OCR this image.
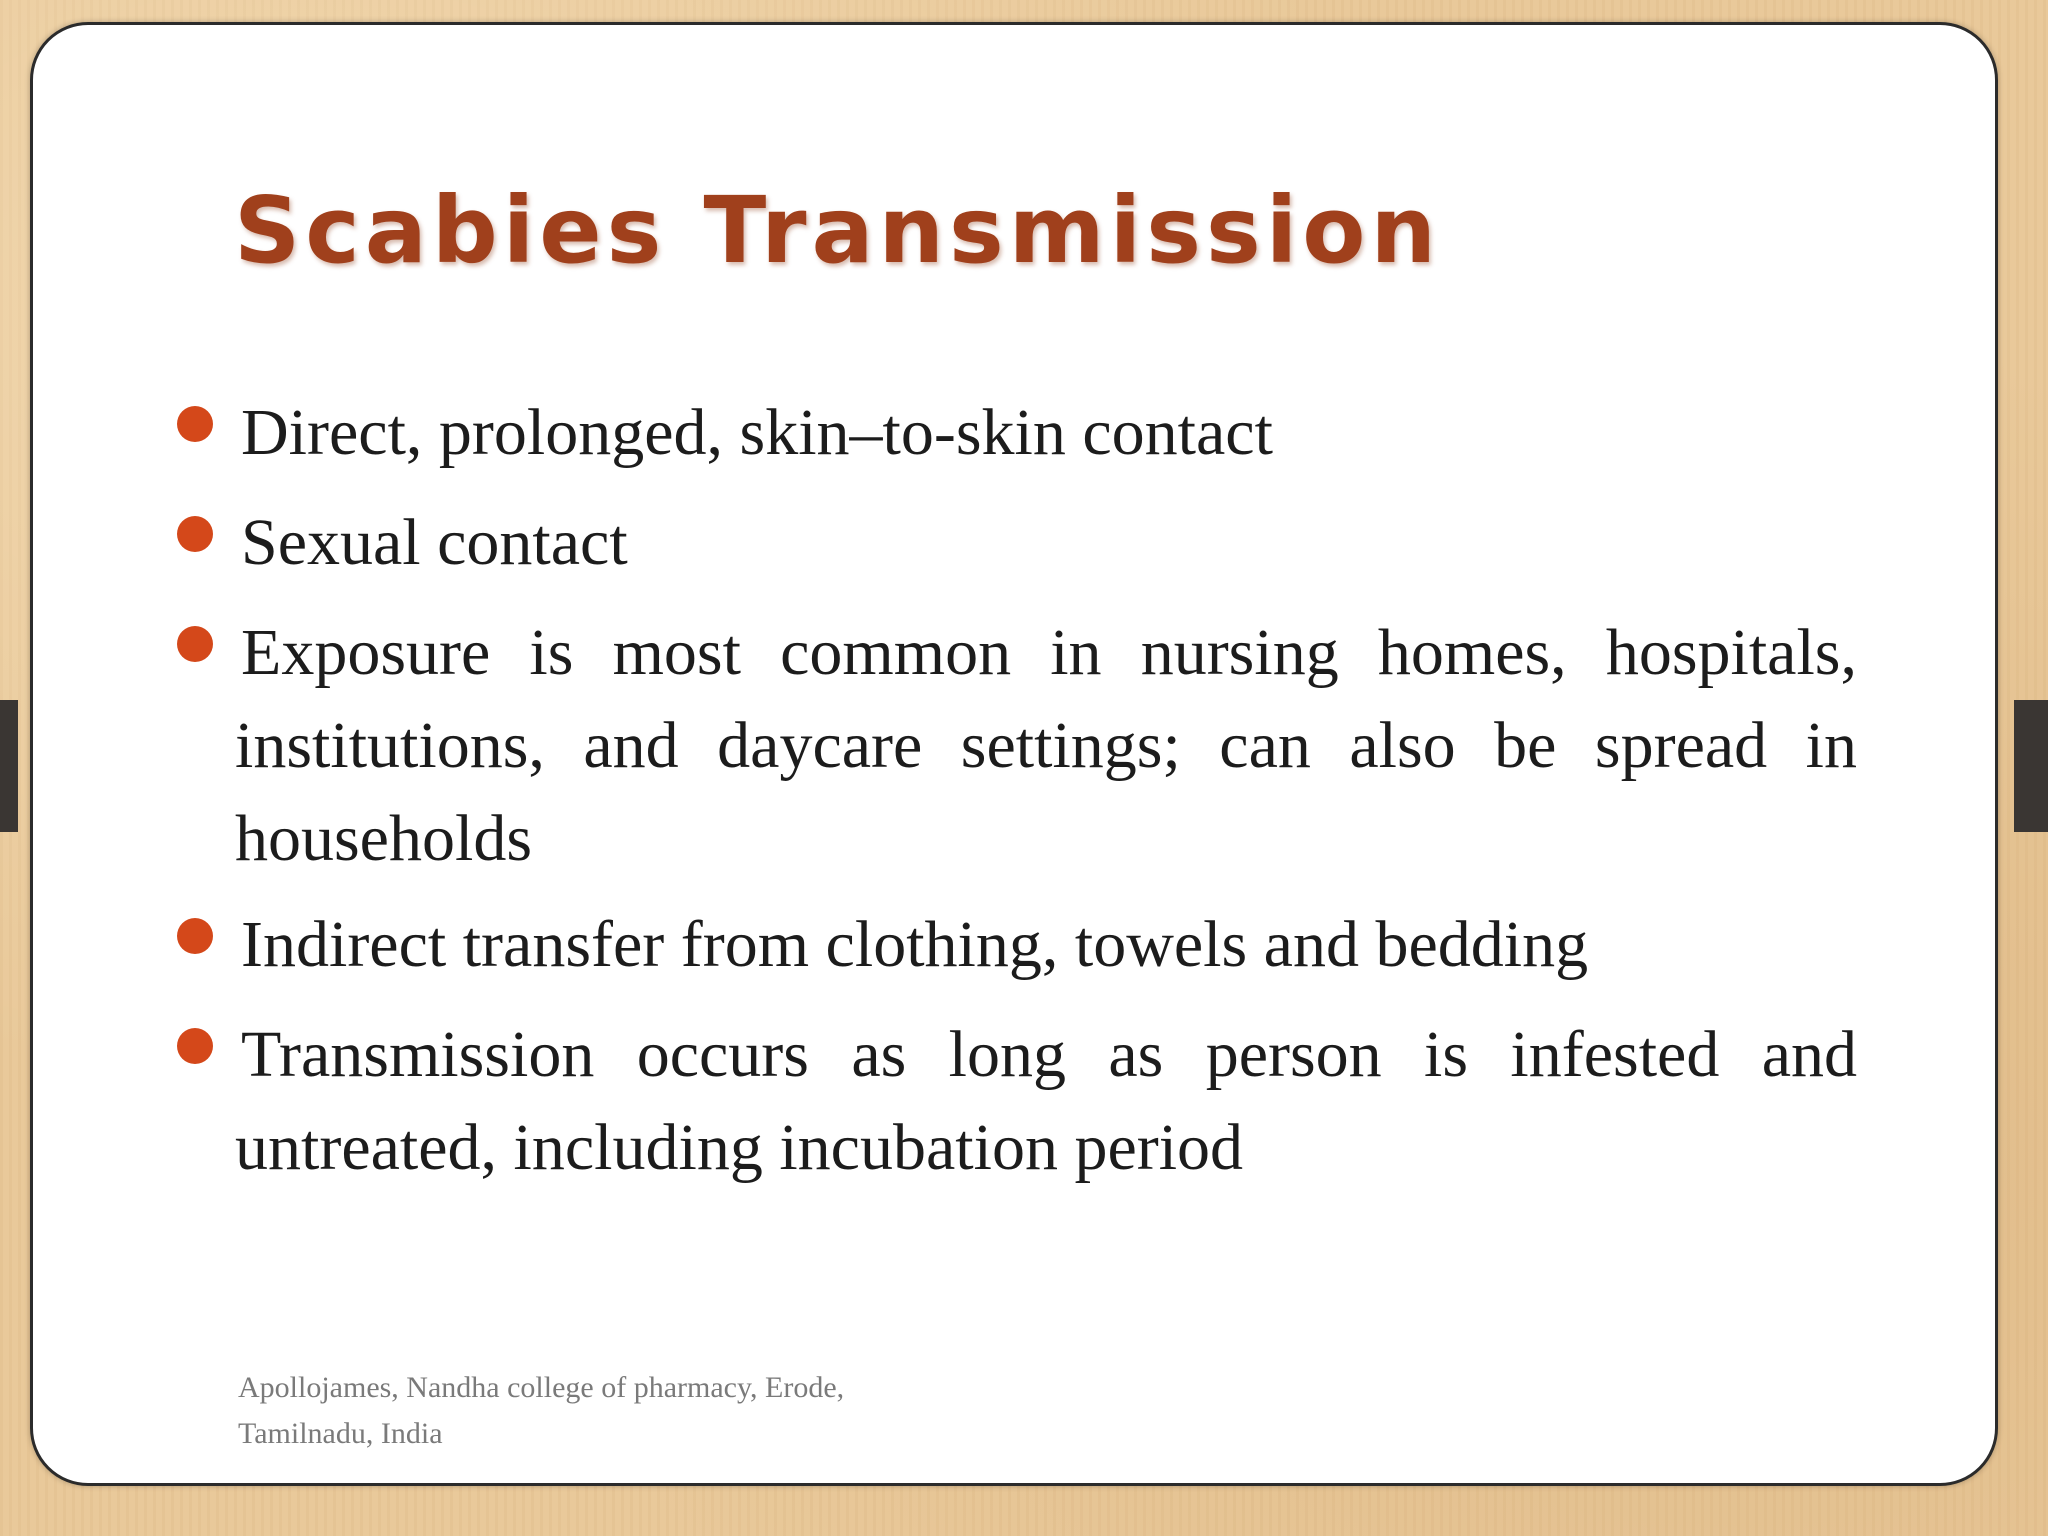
Scabies Transmission
Direct, prolonged, skin–to-skin contact
Sexual contact
Exposure is most common in nursing homes, hospitals, institutions, and daycare settings; can also be spread in households
Indirect transfer from clothing, towels and bedding
Transmission occurs as long as person is infested and untreated, including incubation period
Apollojames, Nandha college of pharmacy, Erode,
Tamilnadu, India
